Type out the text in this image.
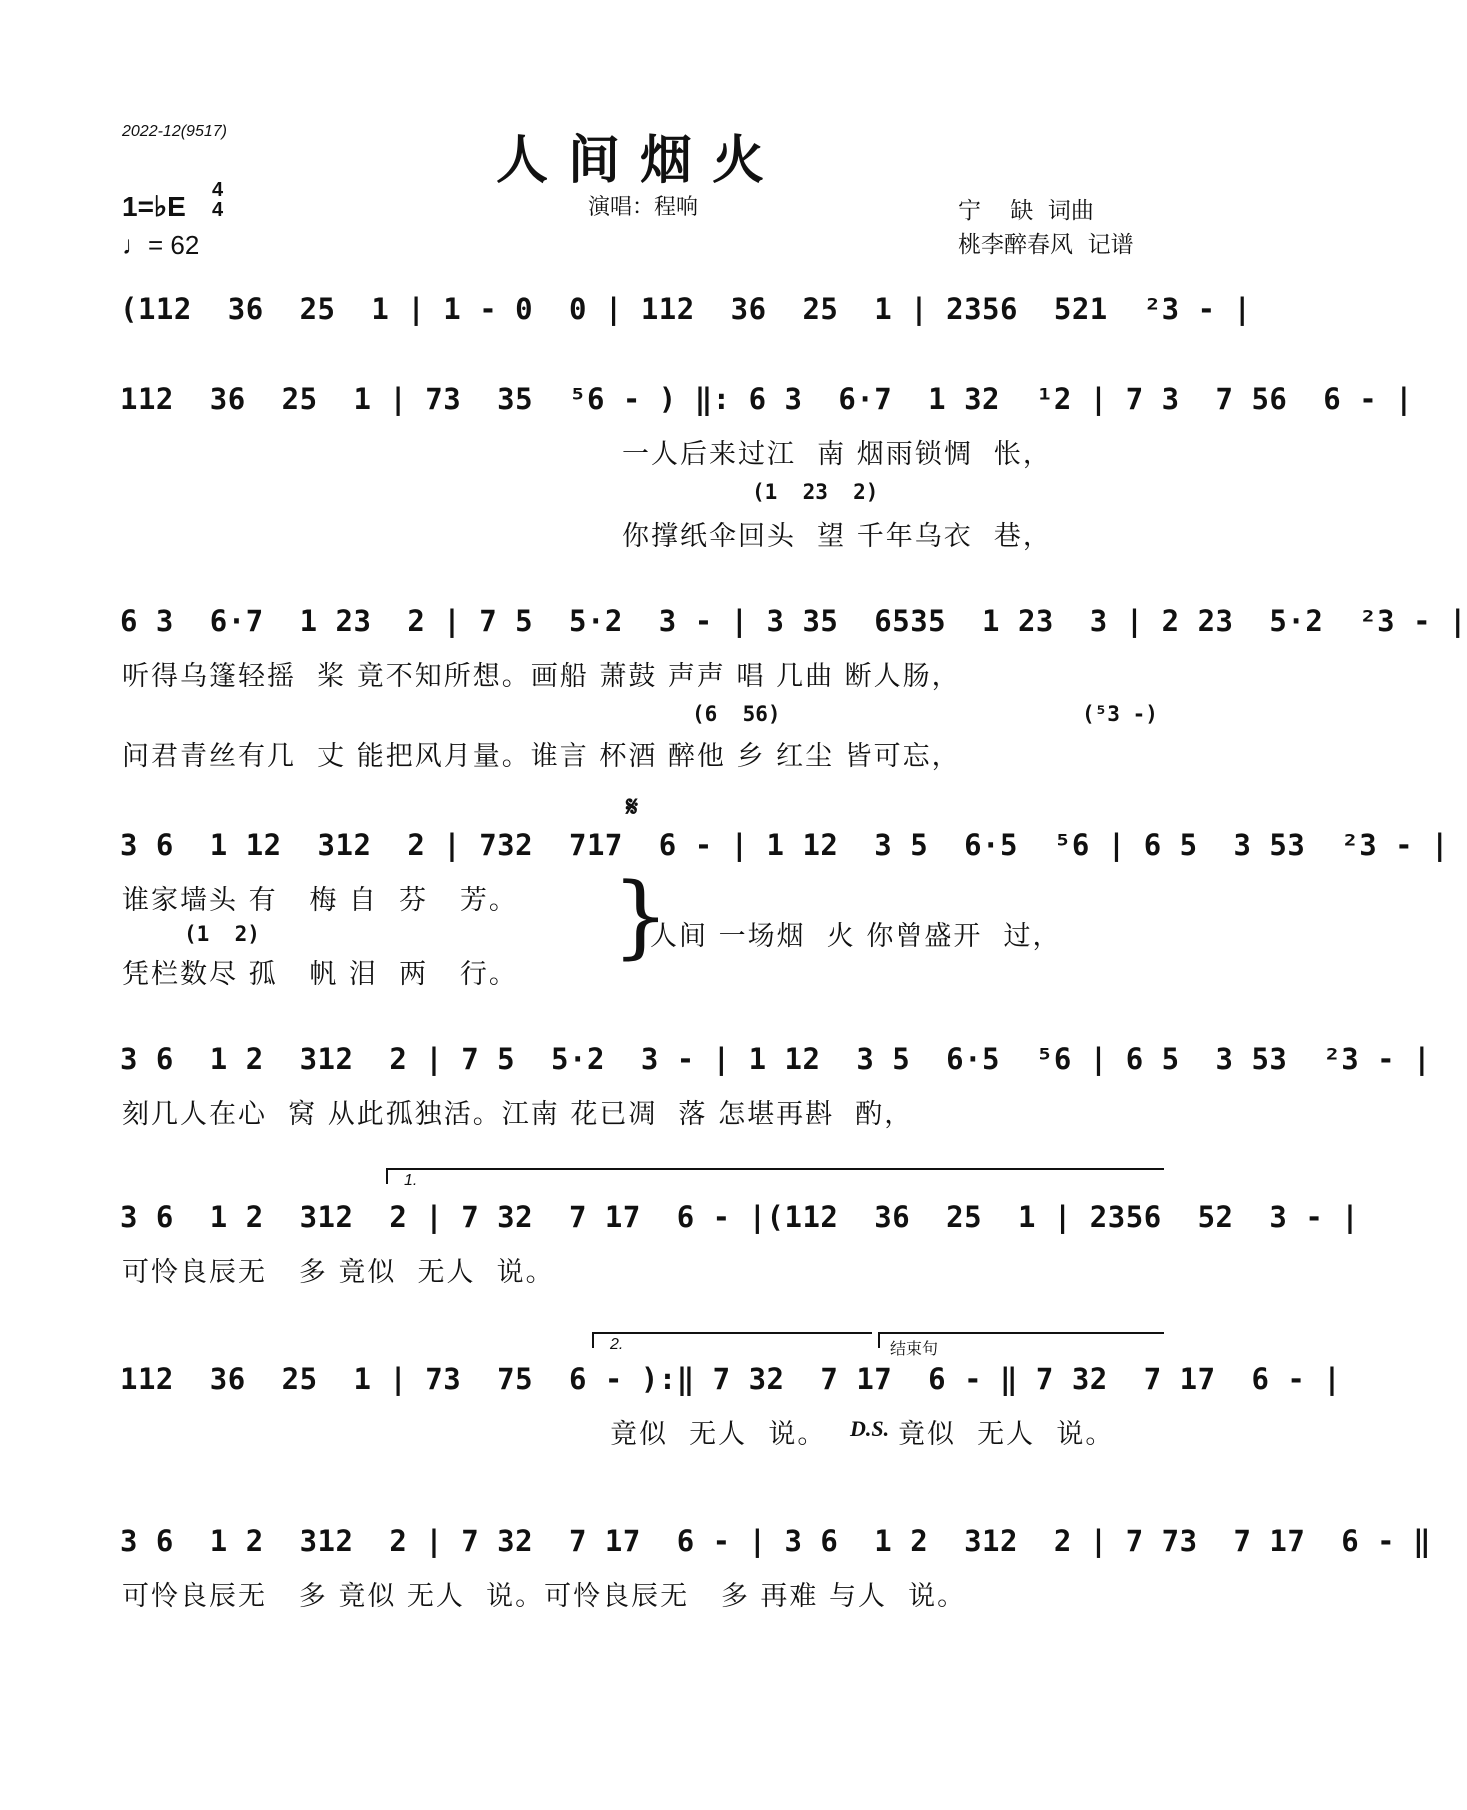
2022-12(9517)	人间烟火
1=♭E
4
4
♩= 62
演唱：程响	宁    缺  词曲
桃李醉春风  记谱
(112  36  25  1 | 1 - 0  0 | 112  36  25  1 | 2356  521  ²3 - |
112  36  25  1 | 73  35  ⁵6 - ) ‖: 6 3  6·7  1 32  ¹2 | 7 3  7 56  6 - |
一人后来过江  南 烟雨锁惆  怅，
(1  23  2)
你撑纸伞回头  望 千年乌衣  巷，
6 3  6·7  1 23  2 | 7 5  5·2  3 - | 3 35  6535  1 23  3 | 2 23  5·2  ²3 - |
听得乌篷轻摇  桨 竟不知所想。画船 萧鼓 声声 唱 几曲 断人肠，
(6  56)	(⁵3 -)
问君青丝有几  丈 能把风月量。谁言 杯酒 醉他 乡 红尘 皆可忘，
𝄋
3 6  1 12  312  2 | 732  717  6 - | 1 12  3 5  6·5  ⁵6 | 6 5  3 53  ²3 - |
谁家墙头 有   梅 自  芬   芳。
(1  2)
凭栏数尽 孤   帆 泪  两   行。
}
人间 一场烟  火 你曾盛开  过，
3 6  1 2  312  2 | 7 5  5·2  3 - | 1 12  3 5  6·5  ⁵6 | 6 5  3 53  ²3 - |
刻几人在心  窝 从此孤独活。江南 花已凋  落 怎堪再斟  酌，
1.
3 6  1 2  312  2 | 7 32  7 17  6 - |(112  36  25  1 | 2356  52  3 - |
可怜良辰无   多 竟似  无人  说。
2.	结束句
112  36  25  1 | 73  75  6 - ):‖ 7 32  7 17  6 - ‖ 7 32  7 17  6 - |
竟似  无人  说。 D.S. 竟似  无人  说。
3 6  1 2  312  2 | 7 32  7 17  6 - | 3 6  1 2  312  2 | 7 73  7 17  6 - ‖
可怜良辰无   多 竟似 无人  说。可怜良辰无   多 再难 与人  说。
